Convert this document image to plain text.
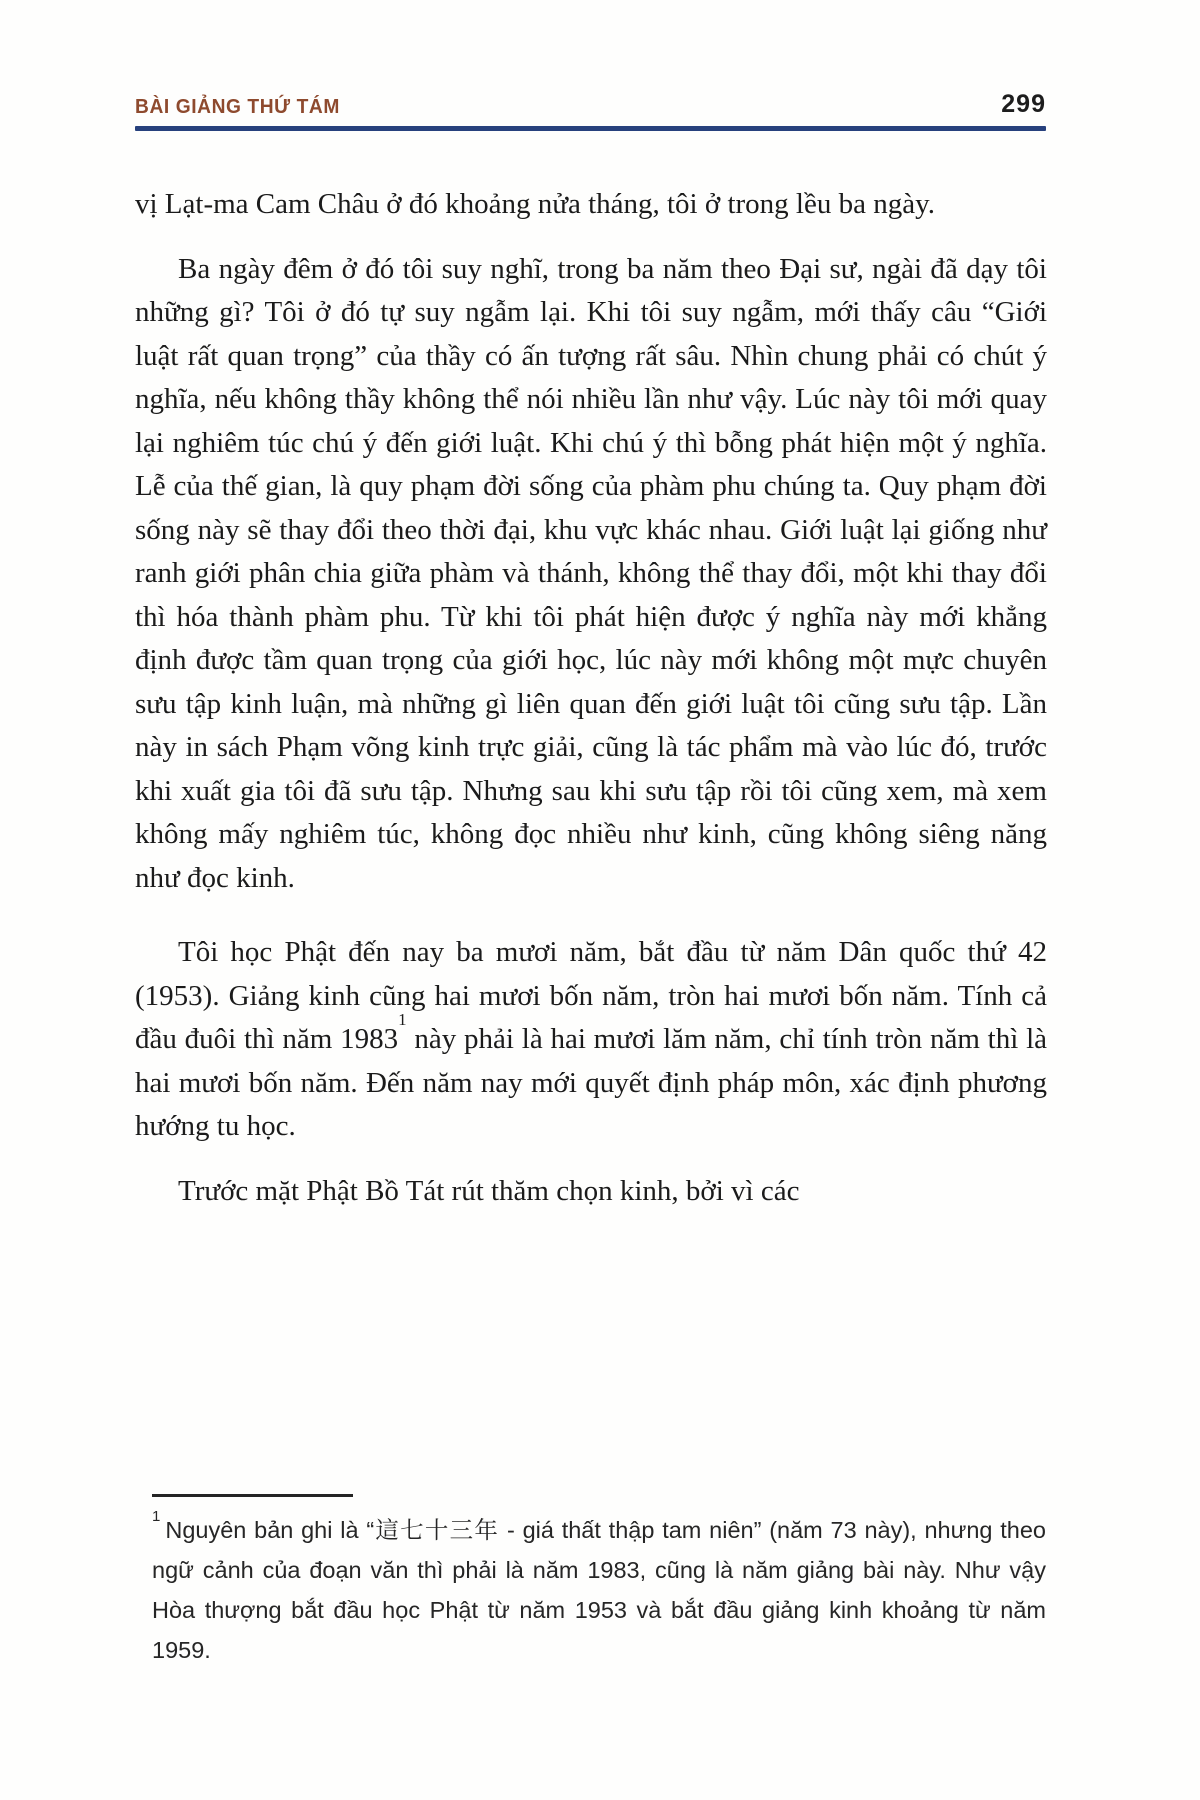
BÀI GIẢNG THỨ TÁM	299

vị Lạt-ma Cam Châu ở đó khoảng nửa tháng, tôi ở trong lều ba ngày.

Ba ngày đêm ở đó tôi suy nghĩ, trong ba năm theo Đại sư, ngài đã dạy tôi những gì? Tôi ở đó tự suy ngẫm lại. Khi tôi suy ngẫm, mới thấy câu “Giới luật rất quan trọng” của thầy có ấn tượng rất sâu. Nhìn chung phải có chút ý nghĩa, nếu không thầy không thể nói nhiều lần như vậy. Lúc này tôi mới quay lại nghiêm túc chú ý đến giới luật. Khi chú ý thì bỗng phát hiện một ý nghĩa. Lễ của thế gian, là quy phạm đời sống của phàm phu chúng ta. Quy phạm đời sống này sẽ thay đổi theo thời đại, khu vực khác nhau. Giới luật lại giống như ranh giới phân chia giữa phàm và thánh, không thể thay đổi, một khi thay đổi thì hóa thành phàm phu. Từ khi tôi phát hiện được ý nghĩa này mới khẳng định được tầm quan trọng của giới học, lúc này mới không một mực chuyên sưu tập kinh luận, mà những gì liên quan đến giới luật tôi cũng sưu tập. Lần này in sách Phạm võng kinh trực giải, cũng là tác phẩm mà vào lúc đó, trước khi xuất gia tôi đã sưu tập. Nhưng sau khi sưu tập rồi tôi cũng xem, mà xem không mấy nghiêm túc, không đọc nhiều như kinh, cũng không siêng năng như đọc kinh.

Tôi học Phật đến nay ba mươi năm, bắt đầu từ năm Dân quốc thứ 42 (1953). Giảng kinh cũng hai mươi bốn năm, tròn hai mươi bốn năm. Tính cả đầu đuôi thì năm 1983$^1$ này phải là hai mươi lăm năm, chỉ tính tròn năm thì là hai mươi bốn năm. Đến năm nay mới quyết định pháp môn, xác định phương hướng tu học.

Trước mặt Phật Bồ Tát rút thăm chọn kinh, bởi vì các

$^1$Nguyên bản ghi là “這七十三年 - giá thất thập tam niên” (năm 73 này), nhưng theo ngữ cảnh của đoạn văn thì phải là năm 1983, cũng là năm giảng bài này. Như vậy Hòa thượng bắt đầu học Phật từ năm 1953 và bắt đầu giảng kinh khoảng từ năm 1959.
